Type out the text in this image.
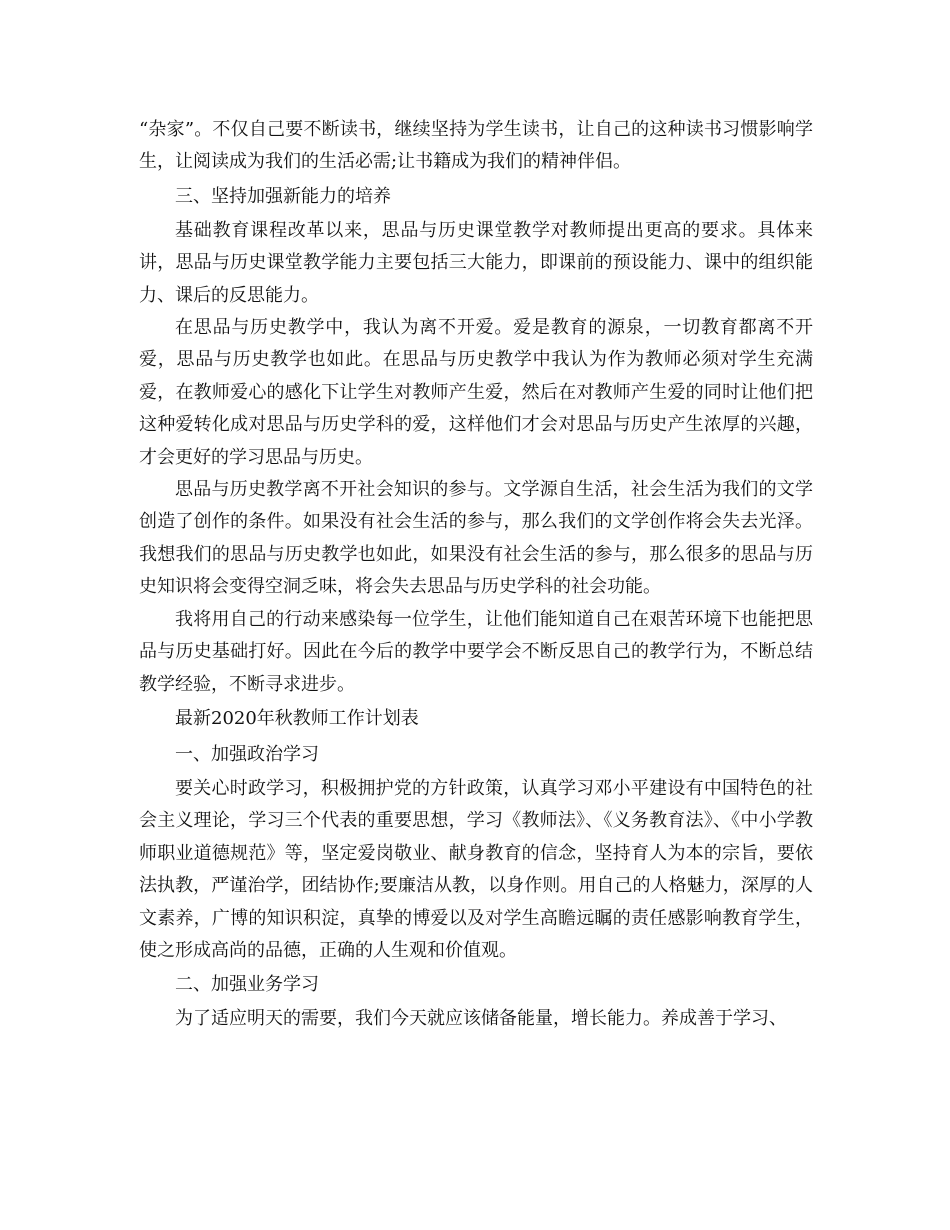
“杂家”。不仅自己要不断读书，继续坚持为学生读书，让自己的这种读书习惯影响学生，让阅读成为我们的生活必需;让书籍成为我们的精神伴侣。

三、坚持加强新能力的培养

基础教育课程改革以来，思品与历史课堂教学对教师提出更高的要求。具体来讲，思品与历史课堂教学能力主要包括三大能力，即课前的预设能力、课中的组织能力、课后的反思能力。

在思品与历史教学中，我认为离不开爱。爱是教育的源泉，一切教育都离不开爱，思品与历史教学也如此。在思品与历史教学中我认为作为教师必须对学生充满爱，在教师爱心的感化下让学生对教师产生爱，然后在对教师产生爱的同时让他们把这种爱转化成对思品与历史学科的爱，这样他们才会对思品与历史产生浓厚的兴趣，才会更好的学习思品与历史。

思品与历史教学离不开社会知识的参与。文学源自生活，社会生活为我们的文学创造了创作的条件。如果没有社会生活的参与，那么我们的文学创作将会失去光泽。我想我们的思品与历史教学也如此，如果没有社会生活的参与，那么很多的思品与历史知识将会变得空洞乏味，将会失去思品与历史学科的社会功能。

我将用自己的行动来感染每一位学生，让他们能知道自己在艰苦环境下也能把思品与历史基础打好。因此在今后的教学中要学会不断反思自己的教学行为，不断总结教学经验，不断寻求进步。

最新2020年秋教师工作计划表

一、加强政治学习

要关心时政学习，积极拥护党的方针政策，认真学习邓小平建设有中国特色的社会主义理论，学习三个代表的重要思想，学习《教师法》、《义务教育法》、《中小学教师职业道德规范》等，坚定爱岗敬业、献身教育的信念，坚持育人为本的宗旨，要依法执教，严谨治学，团结协作;要廉洁从教，以身作则。用自己的人格魅力，深厚的人文素养，广博的知识积淀，真挚的博爱以及对学生高瞻远瞩的责任感影响教育学生，使之形成高尚的品德，正确的人生观和价值观。

二、加强业务学习

为了适应明天的需要，我们今天就应该储备能量，增长能力。养成善于学习、
